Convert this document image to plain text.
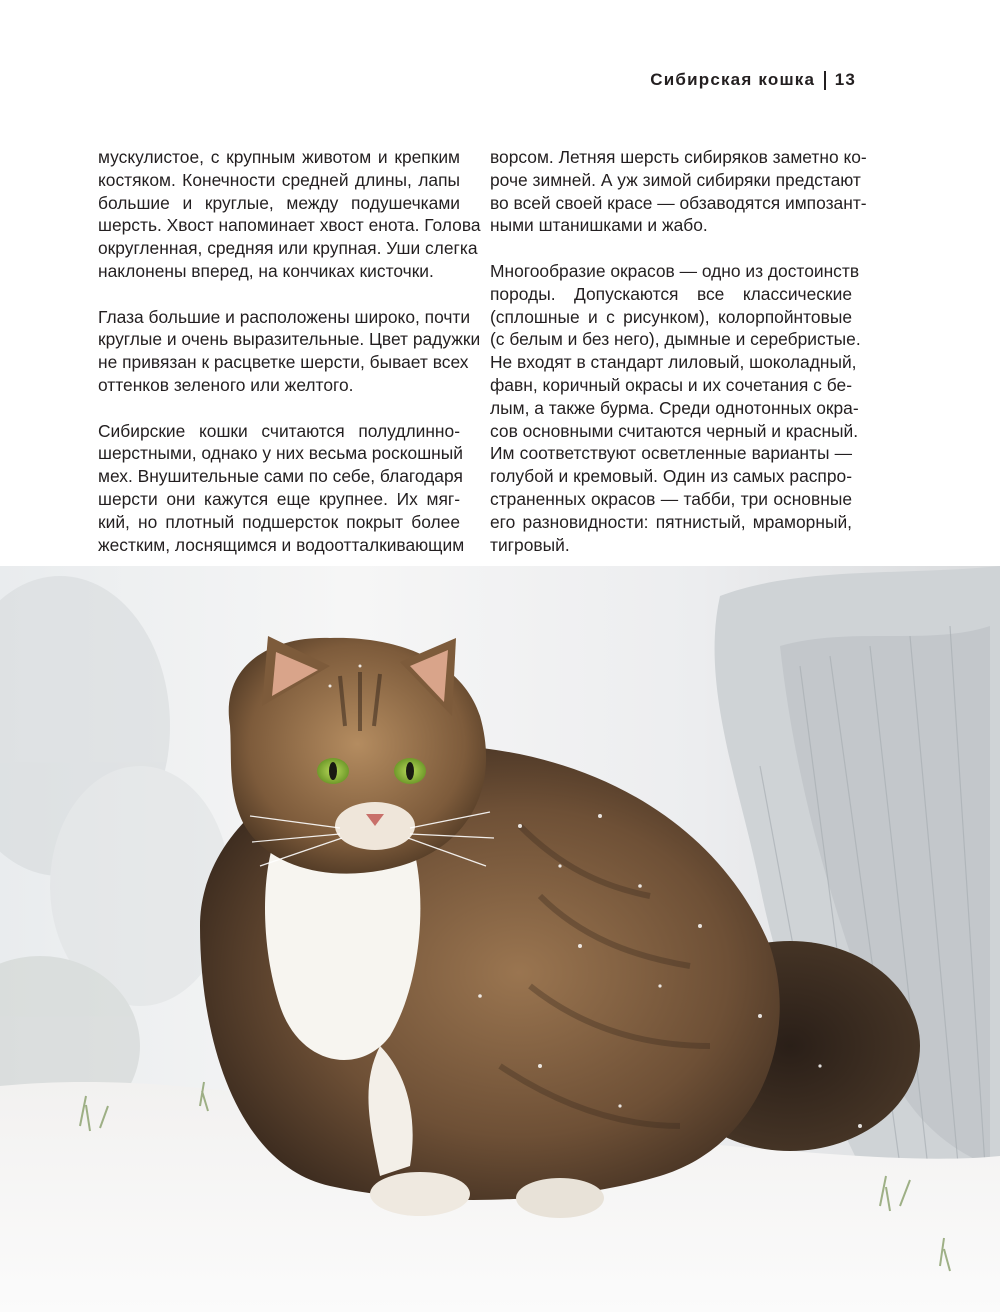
Сибирская кошка 13

мускулистое, с крупным животом и крепким
костяком. Конечности средней длины, лапы
большие и круглые, между подушечками
шерсть. Хвост напоминает хвост енота. Голова
округленная, средняя или крупная. Уши слегка
наклонены вперед, на кончиках кисточки.

Глаза большие и расположены широко, почти
круглые и очень выразительные. Цвет радужки
не привязан к расцветке шерсти, бывает всех
оттенков зеленого или желтого.

Сибирские кошки считаются полудлинно-
шерстными, однако у них весьма роскошный
мех. Внушительные сами по себе, благодаря
шерсти они кажутся еще крупнее. Их мяг-
кий, но плотный подшерсток покрыт более
жестким, лоснящимся и водоотталкивающим

ворсом. Летняя шерсть сибиряков заметно ко-
роче зимней. А уж зимой сибиряки предстают
во всей своей красе — обзаводятся импозант-
ными штанишками и жабо.

Многообразие окрасов — одно из достоинств
породы. Допускаются все классические
(сплошные и с рисунком), колорпойнтовые
(с белым и без него), дымные и серебристые.
Не входят в стандарт лиловый, шоколадный,
фавн, коричный окрасы и их сочетания с бе-
лым, а также бурма. Среди однотонных окра-
сов основными считаются черный и красный.
Им соответствуют осветленные варианты —
голубой и кремовый. Один из самых распро-
страненных окрасов — табби, три основные
его разновидности: пятнистый, мраморный,
тигровый.
